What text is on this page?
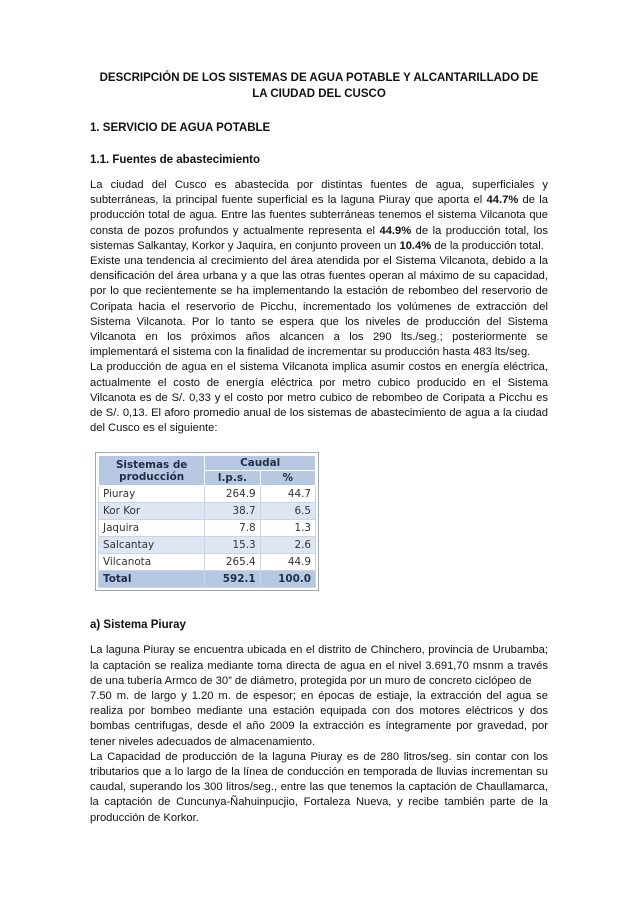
DESCRIPCIÓN DE LOS SISTEMAS DE AGUA POTABLE Y ALCANTARILLADO DE
LA CIUDAD DEL CUSCO

1. SERVICIO DE AGUA POTABLE

1.1. Fuentes de abastecimiento

La ciudad del Cusco es abastecida por distintas fuentes de agua, superficiales y subterráneas, la principal fuente superficial es la laguna Piuray que aporta el 44.7% de la producción total de agua. Entre las fuentes subterráneas tenemos el sistema Vilcanota que consta de pozos profundos y actualmente representa el 44.9% de la producción total, los sistemas Salkantay, Korkor y Jaquira, en conjunto proveen un 10.4% de la producción total.

Existe una tendencia al crecimiento del área atendida por el Sistema Vilcanota, debido a la densificación del área urbana y a que las otras fuentes operan al máximo de su capacidad, por lo que recientemente se ha implementando la estación de rebombeo del reservorio de Coripata hacia el reservorio de Picchu, incrementado los volúmenes de extracción del Sistema Vilcanota. Por lo tanto se espera que los niveles de producción del Sistema Vilcanota en los próximos años alcancen a los 290 lts./seg.; posteriormente se implementará el sistema con la finalidad de incrementar su producción hasta 483 lts/seg.

La producción de agua en el sistema Vilcanota implica asumir costos en energía eléctrica, actualmente el costo de energía eléctrica por metro cubico producido en el Sistema Vilcanota es de S/. 0,33 y el costo por metro cubico de rebombeo de Coripata a Picchu es de S/. 0,13. El aforo promedio anual de los sistemas de abastecimiento de agua a la ciudad del Cusco es el siguiente:

Sistemas de
producción	Caudal	
	l.p.s.	%
Piuray	264.9	44.7
Kor Kor	38.7	6.5
Jaquira	7.8	1.3
Salcantay	15.3	2.6
Vilcanota	265.4	44.9
Total	592.1	100.0

a) Sistema Piuray

La laguna Piuray se encuentra ubicada en el distrito de Chinchero, provincia de Urubamba; la captación se realiza mediante toma directa de agua en el nivel 3.691,70 msnm a través de una tubería Armco de 30” de diámetro, protegida por un muro de concreto ciclópeo de

7.50 m. de largo y 1.20 m. de espesor; en épocas de estiaje, la extracción del agua se realiza por bombeo mediante una estación equipada con dos motores eléctricos y dos bombas centrifugas, desde el año 2009 la extracción es íntegramente por gravedad, por tener niveles adecuados de almacenamiento.

La Capacidad de producción de la laguna Piuray es de 280 litros/seg. sin contar con los tributarios que a lo largo de la línea de conducción en temporada de lluvias incrementan su caudal, superando los 300 litros/seg., entre las que tenemos la captación de Chaullamarca, la captación de Cuncunya-Ñahuinpucjio, Fortaleza Nueva, y recibe también parte de la producción de Korkor.
